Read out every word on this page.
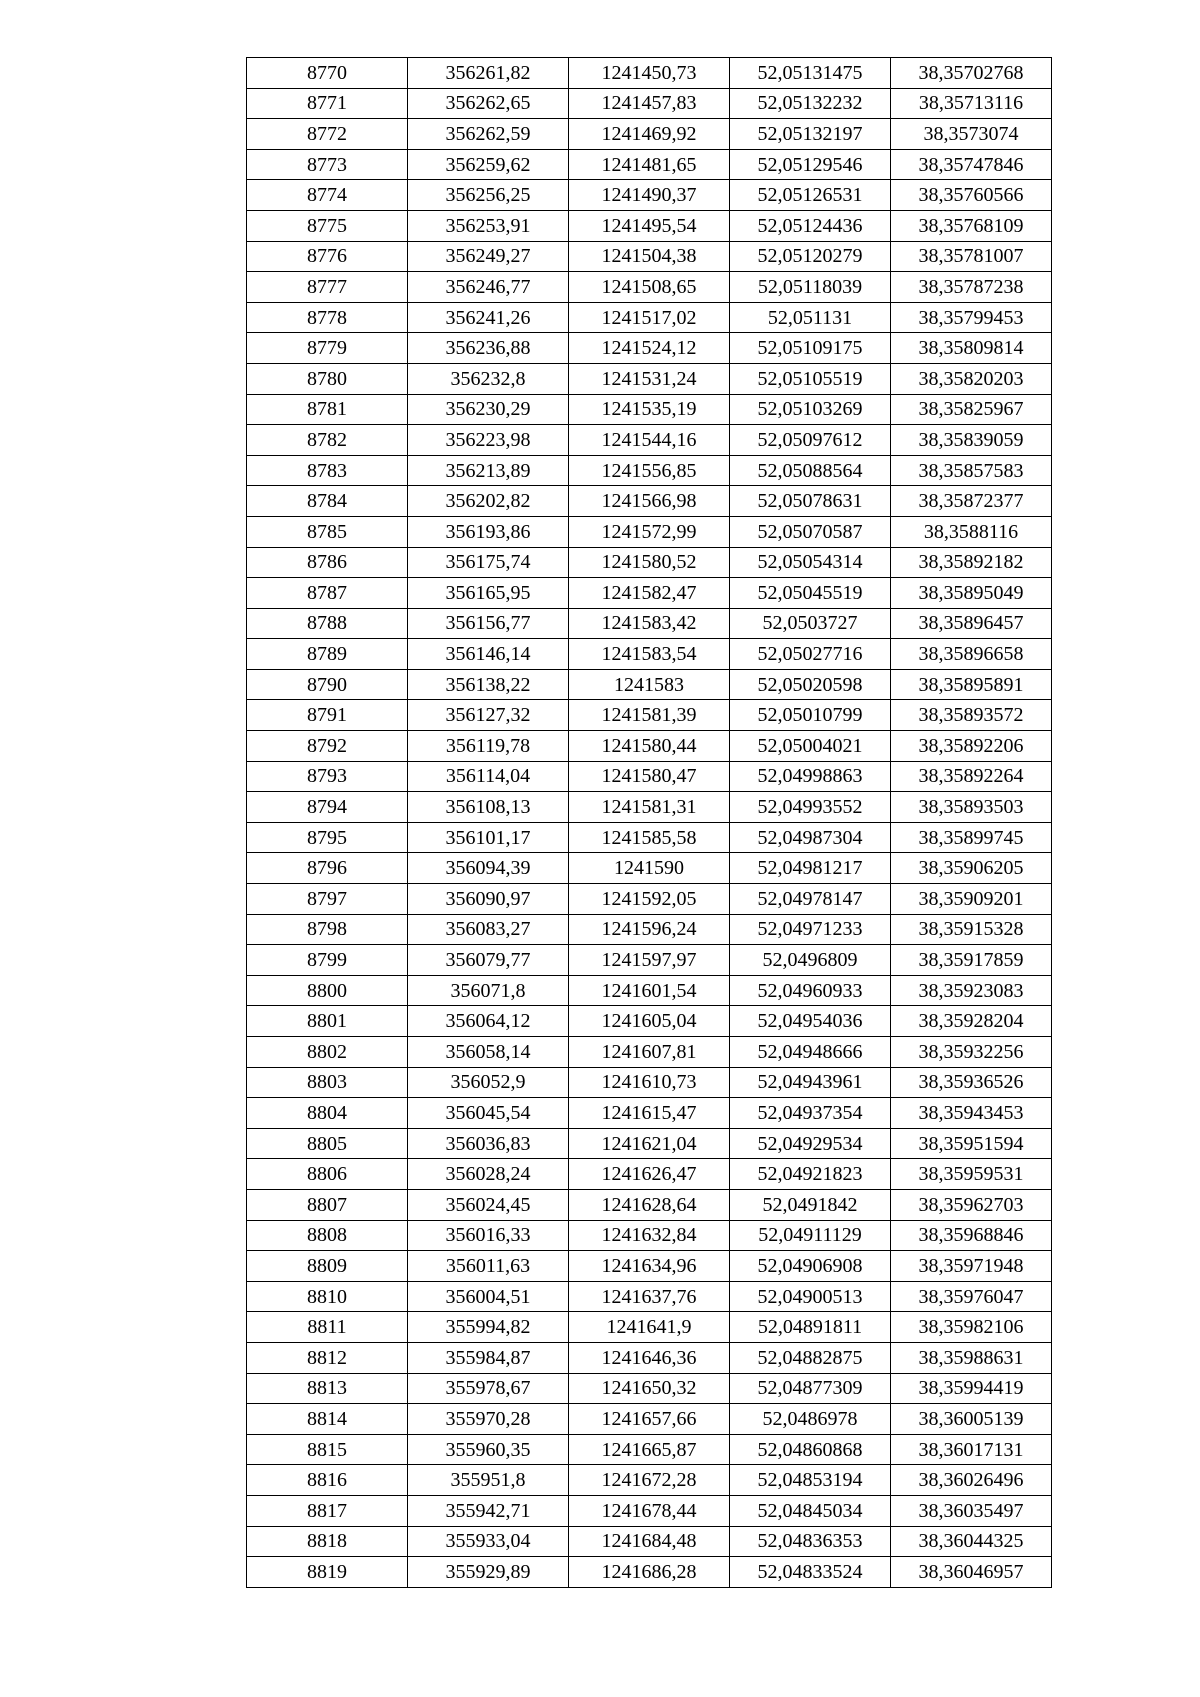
8770	356261,82	1241450,73	52,05131475	38,35702768
8771	356262,65	1241457,83	52,05132232	38,35713116
8772	356262,59	1241469,92	52,05132197	38,3573074
8773	356259,62	1241481,65	52,05129546	38,35747846
8774	356256,25	1241490,37	52,05126531	38,35760566
8775	356253,91	1241495,54	52,05124436	38,35768109
8776	356249,27	1241504,38	52,05120279	38,35781007
8777	356246,77	1241508,65	52,05118039	38,35787238
8778	356241,26	1241517,02	52,051131	38,35799453
8779	356236,88	1241524,12	52,05109175	38,35809814
8780	356232,8	1241531,24	52,05105519	38,35820203
8781	356230,29	1241535,19	52,05103269	38,35825967
8782	356223,98	1241544,16	52,05097612	38,35839059
8783	356213,89	1241556,85	52,05088564	38,35857583
8784	356202,82	1241566,98	52,05078631	38,35872377
8785	356193,86	1241572,99	52,05070587	38,3588116
8786	356175,74	1241580,52	52,05054314	38,35892182
8787	356165,95	1241582,47	52,05045519	38,35895049
8788	356156,77	1241583,42	52,0503727	38,35896457
8789	356146,14	1241583,54	52,05027716	38,35896658
8790	356138,22	1241583	52,05020598	38,35895891
8791	356127,32	1241581,39	52,05010799	38,35893572
8792	356119,78	1241580,44	52,05004021	38,35892206
8793	356114,04	1241580,47	52,04998863	38,35892264
8794	356108,13	1241581,31	52,04993552	38,35893503
8795	356101,17	1241585,58	52,04987304	38,35899745
8796	356094,39	1241590	52,04981217	38,35906205
8797	356090,97	1241592,05	52,04978147	38,35909201
8798	356083,27	1241596,24	52,04971233	38,35915328
8799	356079,77	1241597,97	52,0496809	38,35917859
8800	356071,8	1241601,54	52,04960933	38,35923083
8801	356064,12	1241605,04	52,04954036	38,35928204
8802	356058,14	1241607,81	52,04948666	38,35932256
8803	356052,9	1241610,73	52,04943961	38,35936526
8804	356045,54	1241615,47	52,04937354	38,35943453
8805	356036,83	1241621,04	52,04929534	38,35951594
8806	356028,24	1241626,47	52,04921823	38,35959531
8807	356024,45	1241628,64	52,0491842	38,35962703
8808	356016,33	1241632,84	52,04911129	38,35968846
8809	356011,63	1241634,96	52,04906908	38,35971948
8810	356004,51	1241637,76	52,04900513	38,35976047
8811	355994,82	1241641,9	52,04891811	38,35982106
8812	355984,87	1241646,36	52,04882875	38,35988631
8813	355978,67	1241650,32	52,04877309	38,35994419
8814	355970,28	1241657,66	52,0486978	38,36005139
8815	355960,35	1241665,87	52,04860868	38,36017131
8816	355951,8	1241672,28	52,04853194	38,36026496
8817	355942,71	1241678,44	52,04845034	38,36035497
8818	355933,04	1241684,48	52,04836353	38,36044325
8819	355929,89	1241686,28	52,04833524	38,36046957
